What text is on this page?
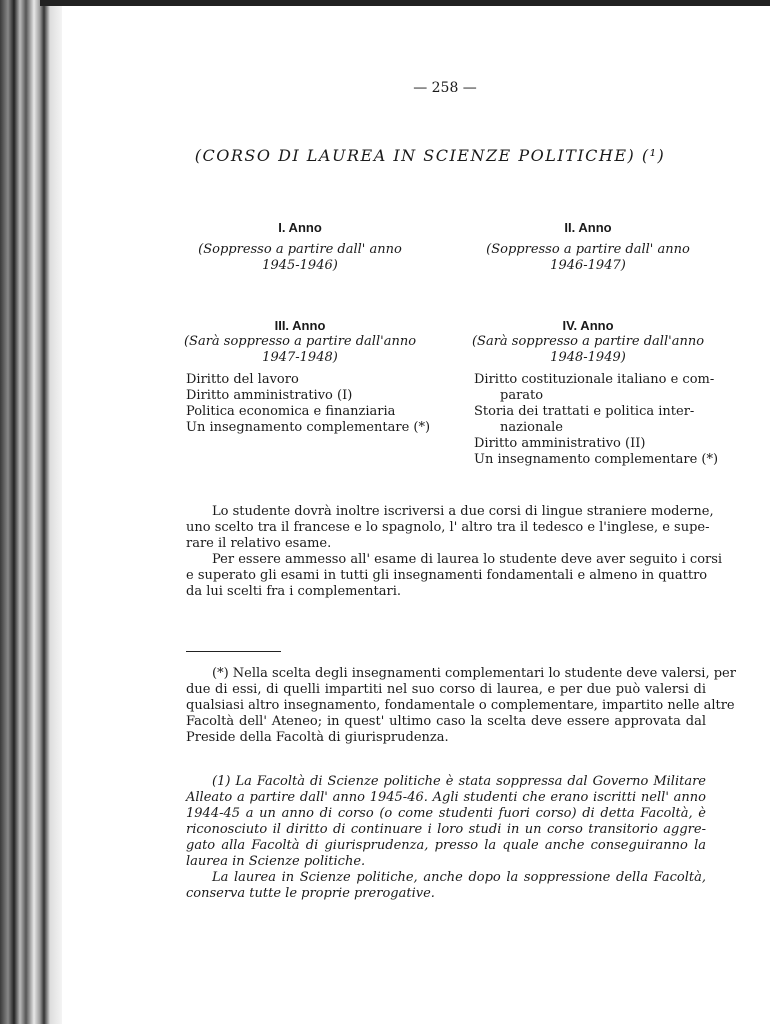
— 258 —
(CORSO DI LAUREA IN SCIENZE POLITICHE) (¹)
I. Anno
(Soppresso a partire dall' anno
1945-1946)
II. Anno
(Soppresso a partire dall' anno
1946-1947)
III. Anno
(Sarà soppresso a partire dall'anno
1947-1948)
Diritto del lavoro
Diritto amministrativo (I)
Politica economica e finanziaria
Un insegnamento complementare (*)
IV. Anno
(Sarà soppresso a partire dall'anno
1948-1949)
Diritto costituzionale italiano e com-
parato
Storia dei trattati e politica inter-
nazionale
Diritto amministrativo (II)
Un insegnamento complementare (*)
Lo studente dovrà inoltre iscriversi a due corsi di lingue straniere moderne,
uno scelto tra il francese e lo spagnolo, l' altro tra il tedesco e l'inglese, e supe-
rare il relativo esame.
Per essere ammesso all' esame di laurea lo studente deve aver seguito i corsi
e superato gli esami in tutti gli insegnamenti fondamentali e almeno in quattro
da lui scelti fra i complementari.
(*) Nella scelta degli insegnamenti complementari lo studente deve valersi, per
due di essi, di quelli impartiti nel suo corso di laurea, e per due può valersi di
qualsiasi altro insegnamento, fondamentale o complementare, impartito nelle altre
Facoltà dell' Ateneo; in quest' ultimo caso la scelta deve essere approvata dal
Preside della Facoltà di giurisprudenza.
(1) La Facoltà di Scienze politiche è stata soppressa dal Governo Militare
Alleato a partire dall' anno 1945-46. Agli studenti che erano iscritti nell' anno
1944-45 a un anno di corso (o come studenti fuori corso) di detta Facoltà, è
riconosciuto il diritto di continuare i loro studi in un corso transitorio aggre-
gato alla Facoltà di giurisprudenza, presso la quale anche conseguiranno la
laurea in Scienze politiche.
La laurea in Scienze politiche, anche dopo la soppressione della Facoltà,
conserva tutte le proprie prerogative.
